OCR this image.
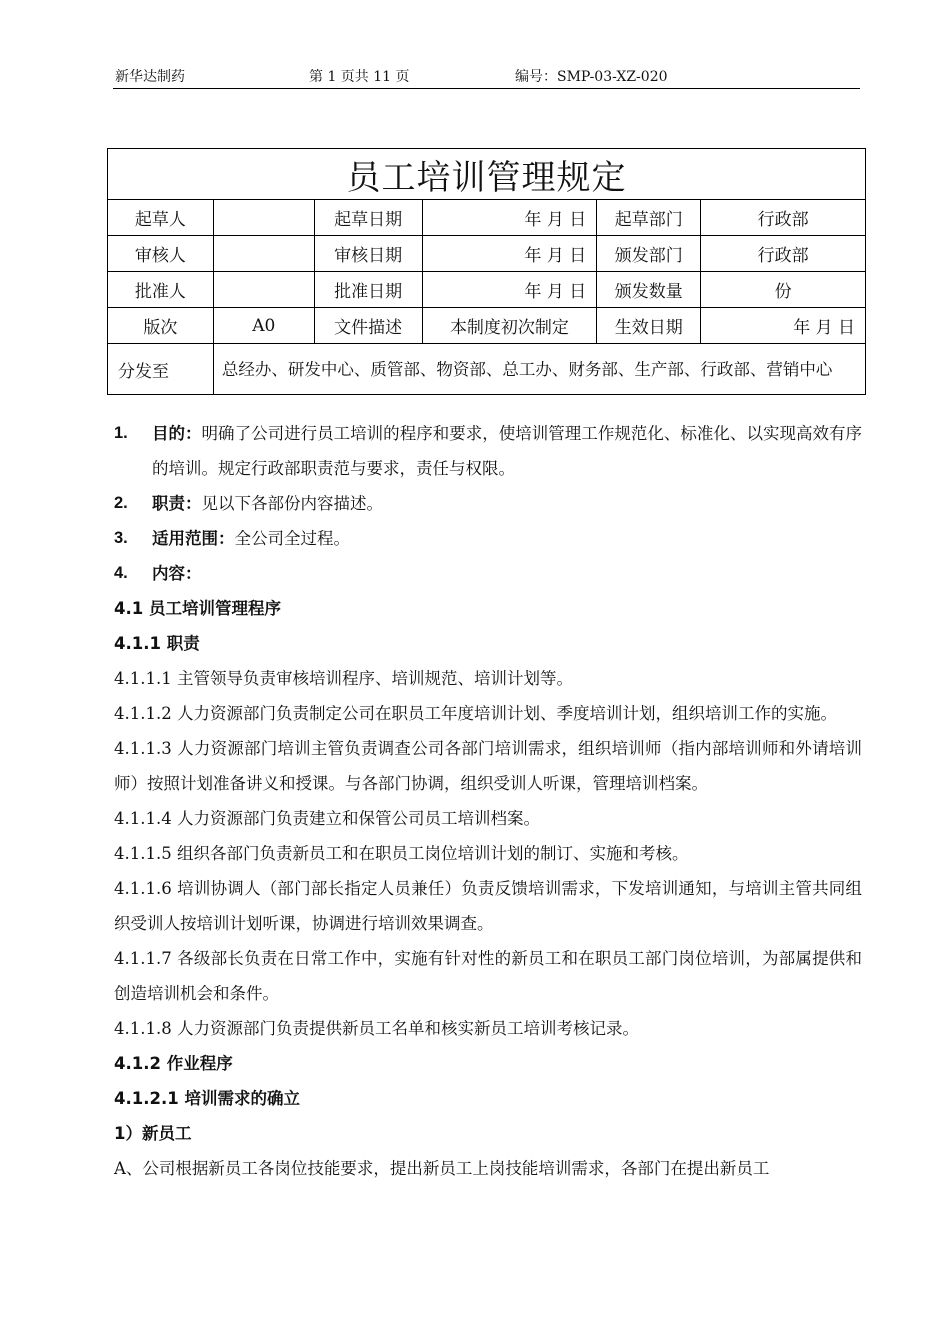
新华达制药	第 1 页共 11 页	编号：SMP-03-XZ-020
员工培训管理规定					
起草人		起草日期	年 月 日	起草部门	行政部
审核人		审核日期	年 月 日	颁发部门	行政部
批准人		批准日期	年 月 日	颁发数量	份
版次	A0	文件描述	本制度初次制定	生效日期	年 月 日
分发至	总经办、研发中心、质管部、物资部、总工办、财务部、生产部、行政部、营销中心				

1.	目的：明确了公司进行员工培训的程序和要求，使培训管理工作规范化、标准化、以实现高效有序的培训。规定行政部职责范与要求，责任与权限。

2.	职责：见以下各部份内容描述。

3.	适用范围：全公司全过程。

4.	内容：

4.1 员工培训管理程序

4.1.1 职责

4.1.1.1 主管领导负责审核培训程序、培训规范、培训计划等。

4.1.1.2 人力资源部门负责制定公司在职员工年度培训计划、季度培训计划，组织培训工作的实施。

4.1.1.3 人力资源部门培训主管负责调查公司各部门培训需求，组织培训师（指内部培训师和外请培训师）按照计划准备讲义和授课。与各部门协调，组织受训人听课，管理培训档案。

4.1.1.4 人力资源部门负责建立和保管公司员工培训档案。

4.1.1.5 组织各部门负责新员工和在职员工岗位培训计划的制订、实施和考核。

4.1.1.6 培训协调人（部门部长指定人员兼任）负责反馈培训需求，下发培训通知，与培训主管共同组织受训人按培训计划听课，协调进行培训效果调查。

4.1.1.7 各级部长负责在日常工作中，实施有针对性的新员工和在职员工部门岗位培训，为部属提供和创造培训机会和条件。

4.1.1.8 人力资源部门负责提供新员工名单和核实新员工培训考核记录。

4.1.2 作业程序

4.1.2.1 培训需求的确立

1）新员工

A、公司根据新员工各岗位技能要求，提出新员工上岗技能培训需求，各部门在提出新员工
